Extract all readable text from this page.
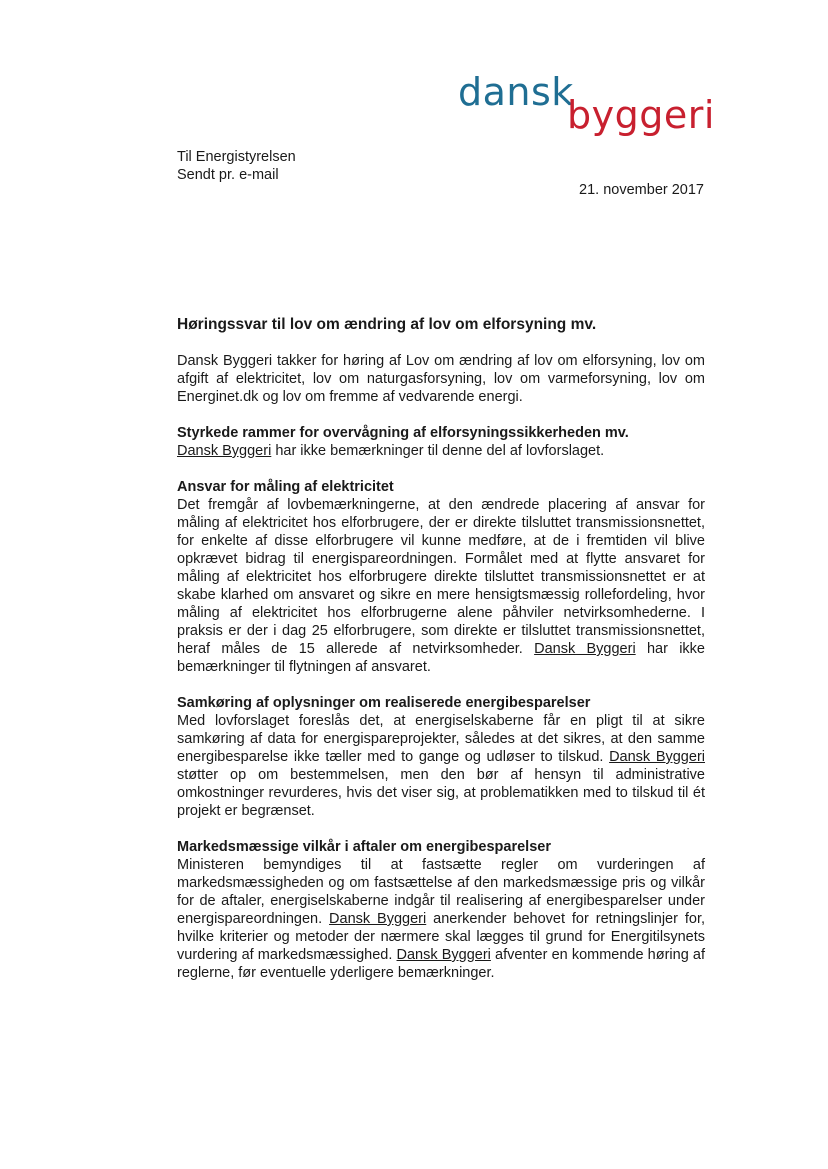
dansk
byggeri
Til Energistyrelsen
Sendt pr. e-mail
21. november 2017
Høringssvar til lov om ændring af lov om elforsyning mv.

Dansk Byggeri takker for høring af Lov om ændring af lov om elforsyning, lov om afgift af elektricitet, lov om naturgasforsyning, lov om varmeforsyning, lov om Energinet.dk og lov om fremme af vedvarende energi.

Styrkede rammer for overvågning af elforsyningssikkerheden mv.

Dansk Byggeri har ikke bemærkninger til denne del af lovforslaget.

Ansvar for måling af elektricitet

Det fremgår af lovbemærkningerne, at den ændrede placering af ansvar for måling af elektricitet hos elforbrugere, der er direkte tilsluttet transmissionsnettet, for enkelte af disse elforbrugere vil kunne medføre, at de i fremtiden vil blive opkrævet bidrag til energispareordningen. Formålet med at flytte ansvaret for måling af elektricitet hos elforbrugere direkte tilsluttet transmissionsnettet er at skabe klarhed om ansvaret og sikre en mere hensigtsmæssig rollefordeling, hvor måling af elektricitet hos elforbrugerne alene påhviler netvirksomhederne. I praksis er der i dag 25 elforbrugere, som direkte er tilsluttet transmissionsnettet, heraf måles de 15 allerede af netvirksomheder. Dansk Byggeri har ikke bemærkninger til flytningen af ansvaret.

Samkøring af oplysninger om realiserede energibesparelser

Med lovforslaget foreslås det, at energiselskaberne får en pligt til at sikre samkøring af data for energispareprojekter, således at det sikres, at den samme energibesparelse ikke tæller med to gange og udløser to tilskud. Dansk Byggeri støtter op om bestemmelsen, men den bør af hensyn til administrative omkostninger revurderes, hvis det viser sig, at problematikken med to tilskud til ét projekt er begrænset.

Markedsmæssige vilkår i aftaler om energibesparelser

Ministeren bemyndiges til at fastsætte regler om vurderingen af markedsmæssigheden og om fastsættelse af den markedsmæssige pris og vilkår for de aftaler, energiselskaberne indgår til realisering af energibesparelser under energispareordningen. Dansk Byggeri anerkender behovet for retningslinjer for, hvilke kriterier og metoder der nærmere skal lægges til grund for Energitilsynets vurdering af markedsmæssighed. Dansk Byggeri afventer en kommende høring af reglerne, før eventuelle yderligere bemærkninger.
